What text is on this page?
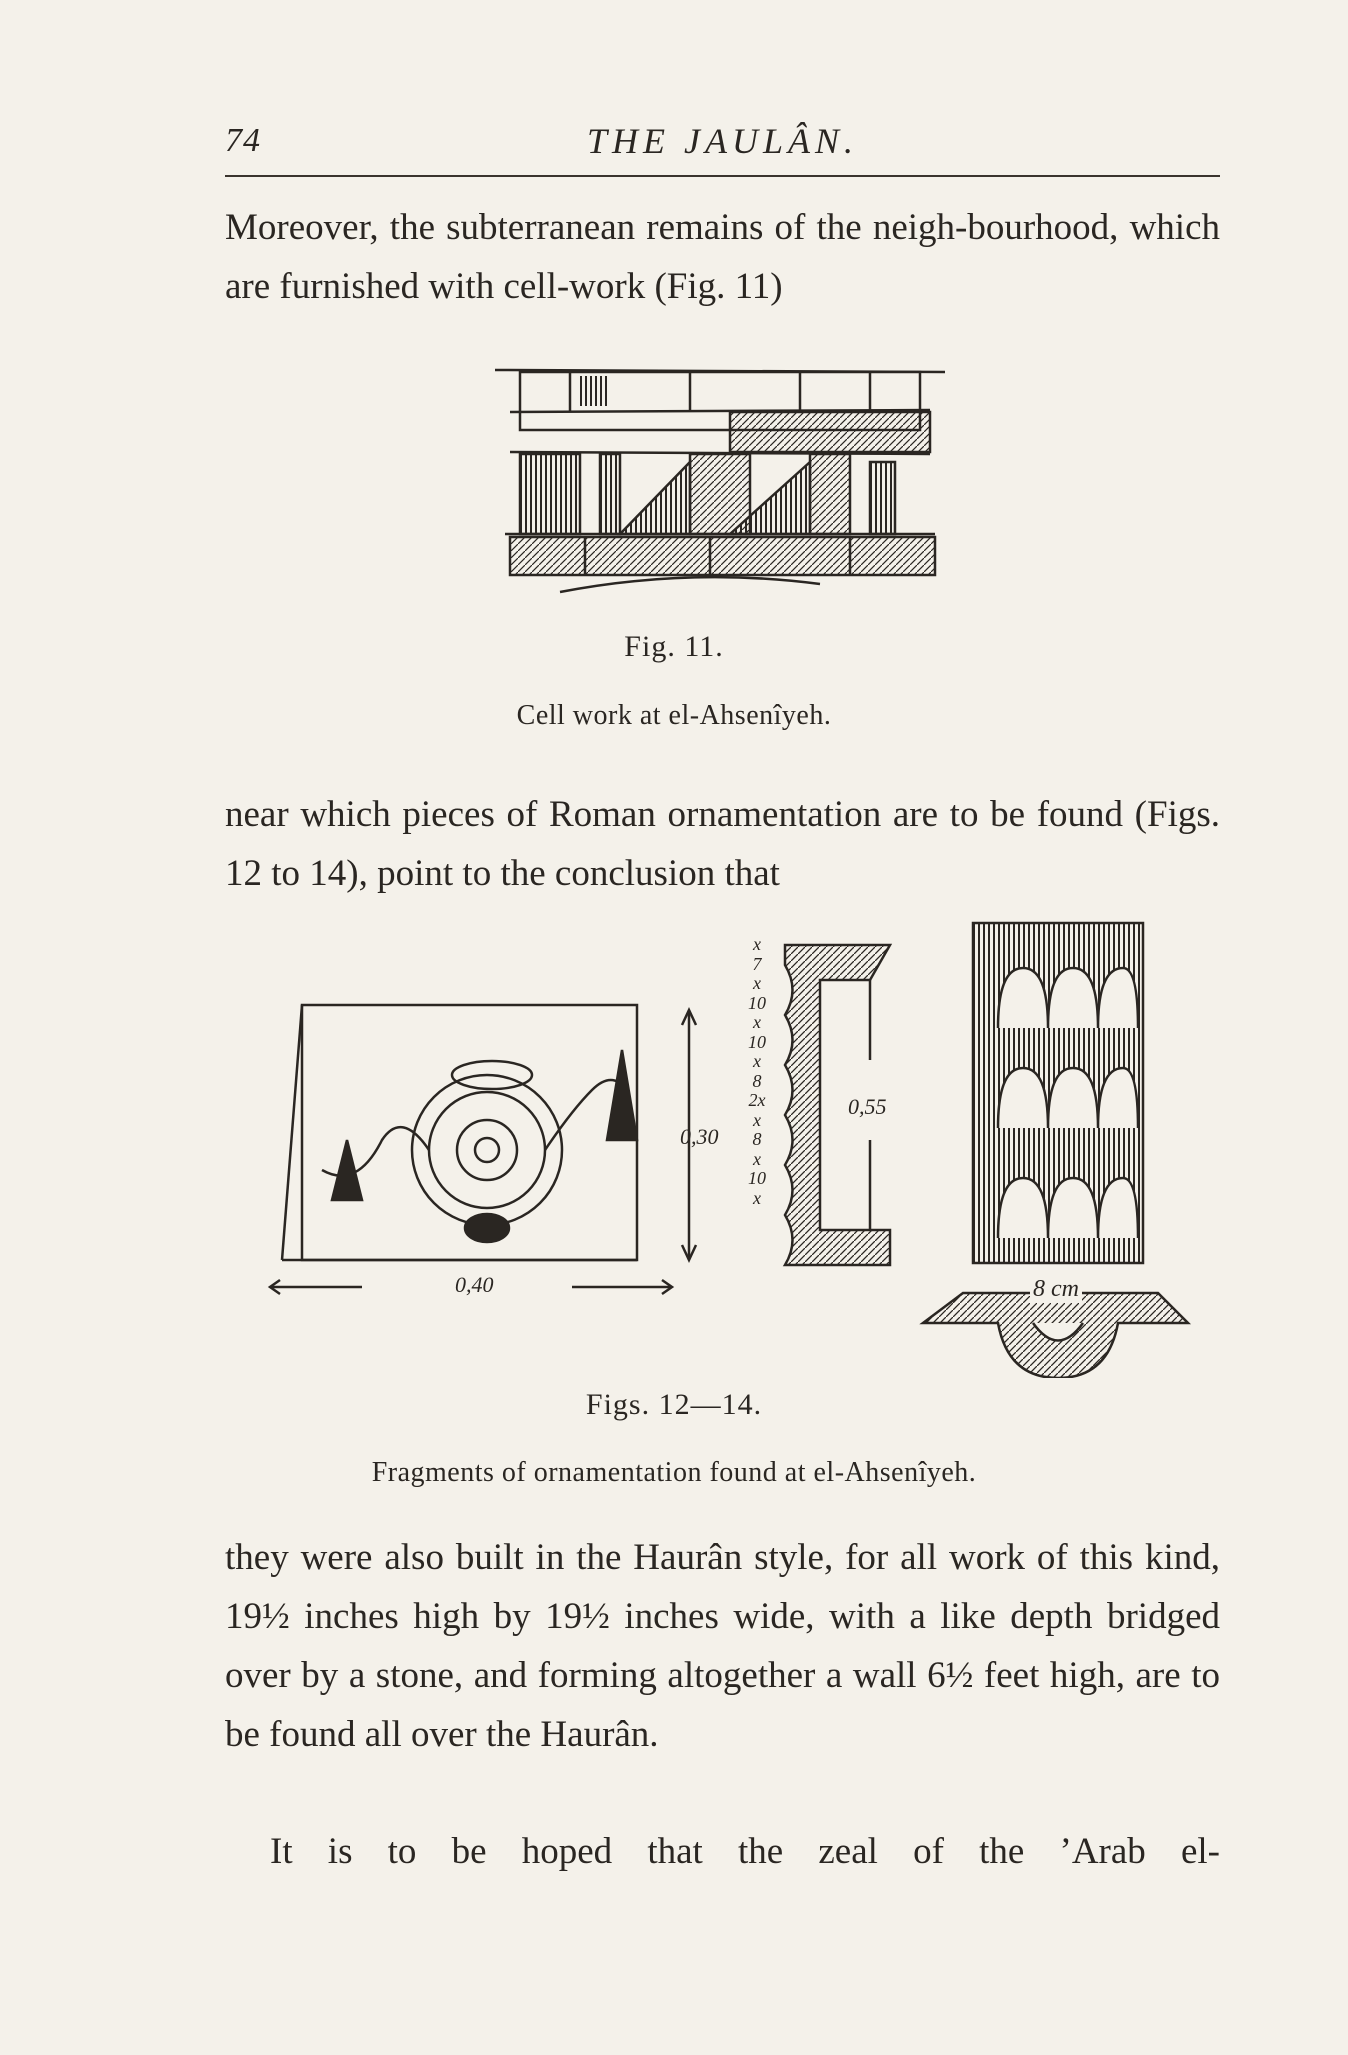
74	THE JAULÂN.

Moreover, the subterranean remains of the neigh-bourhood, which are furnished with cell-work (Fig. 11)

Fig. 11.
Cell work at el-Ahsenîyeh.

near which pieces of Roman ornamentation are to be found (Figs. 12 to 14), point to the conclusion that

0,30
0,40
x
7
x
10
x
10
x
8
2x
x
8
x
10
x
0,55
8 cm
Figs. 12—14.
Fragments of ornamentation found at el-Ahsenîyeh.

they were also built in the Haurân style, for all work of this kind, 19½ inches high by 19½ inches wide, with a like depth bridged over by a stone, and forming altogether a wall 6½ feet high, are to be found all over the Haurân.

It is to be hoped that the zeal of the ’Arab el-
